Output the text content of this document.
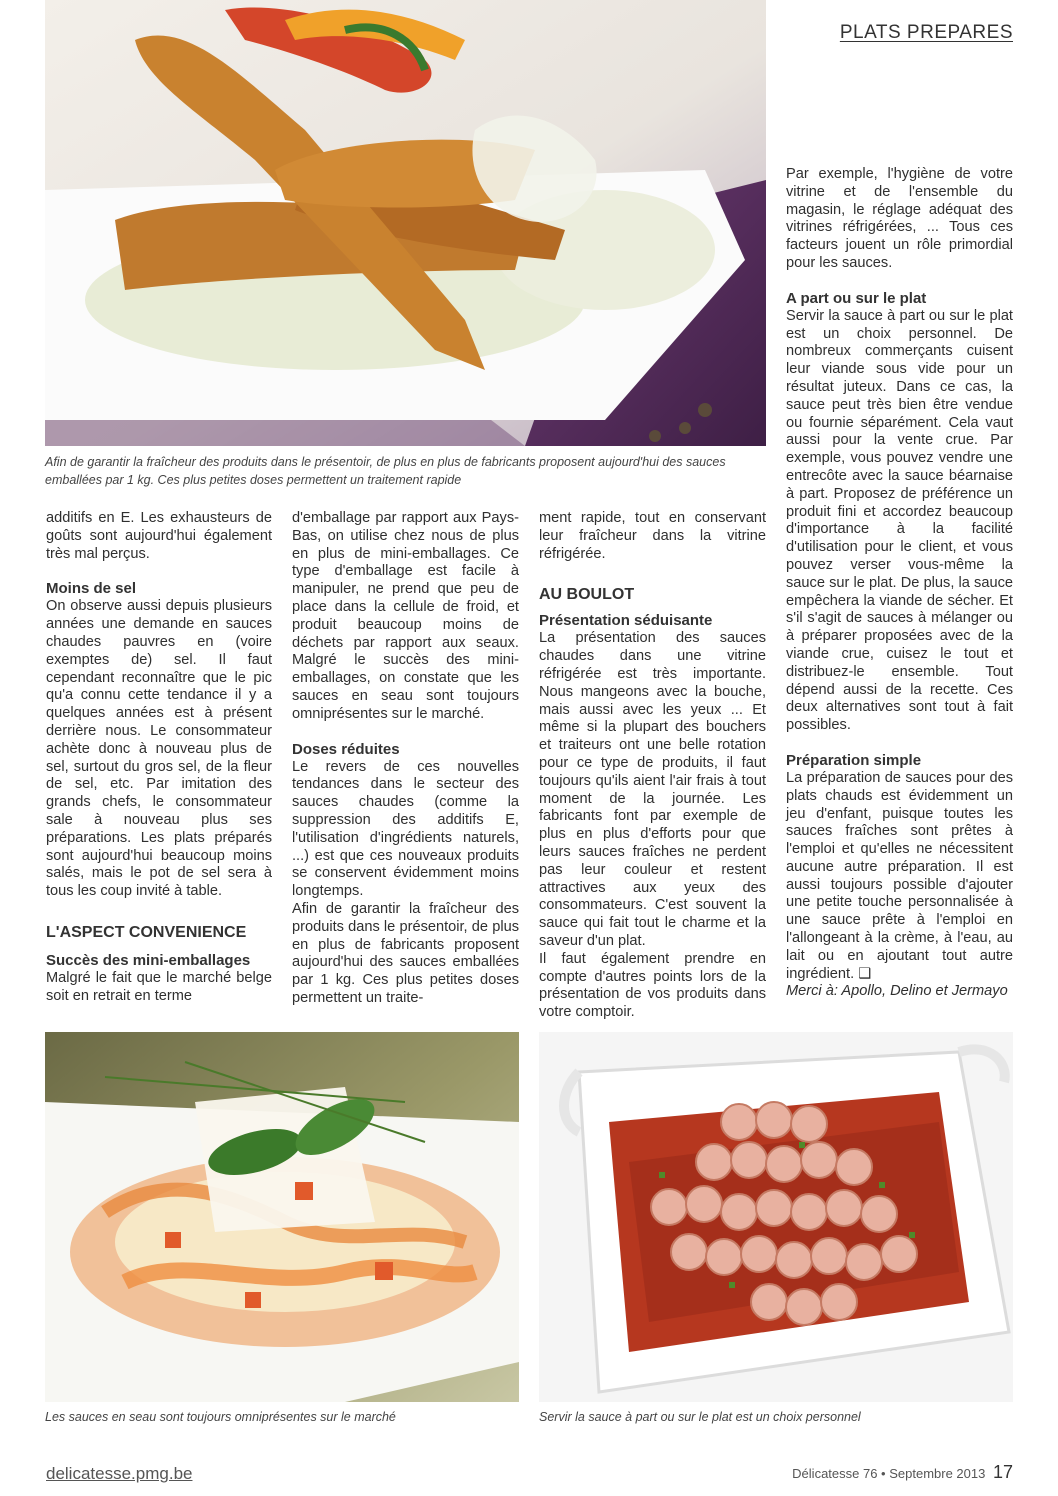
PLATS PREPARES
Afin de garantir la fraîcheur des produits dans le présentoir, de plus en plus de fabricants proposent aujourd'hui des sauces emballées par 1 kg. Ces plus petites doses permettent un traitement rapide

additifs en E. Les exhausteurs de goûts sont aujourd'hui également très mal perçus.

Moins de sel

On observe aussi depuis plusieurs années une demande en sauces chaudes pauvres en (voire exemptes de) sel. Il faut cependant reconnaître que le pic qu'a connu cette tendance il y a quelques années est à présent derrière nous. Le consommateur achète donc à nouveau plus de sel, surtout du gros sel, de la fleur de sel, etc. Par imitation des grands chefs, le consommateur sale à nouveau plus ses préparations. Les plats préparés sont aujourd'hui beaucoup moins salés, mais le pot de sel sera à tous les coup invité à table.

L'ASPECT CONVENIENCE
Succès des mini-emballages

Malgré le fait que le marché belge soit en retrait en terme

d'emballage par rapport aux Pays-Bas, on utilise chez nous de plus en plus de mini-emballages. Ce type d'emballage est facile à manipuler, ne prend que peu de place dans la cellule de froid, et produit beaucoup moins de déchets par rapport aux seaux. Malgré le succès des mini-emballages, on constate que les sauces en seau sont toujours omniprésentes sur le marché.

Doses réduites

Le revers de ces nouvelles tendances dans le secteur des sauces chaudes (comme la suppression des additifs E, l'utilisation d'ingrédients naturels, ...) est que ces nouveaux produits se conservent évidemment moins longtemps.

Afin de garantir la fraîcheur des produits dans le présentoir, de plus en plus de fabricants proposent aujourd'hui des sauces emballées par 1 kg. Ces plus petites doses permettent un traite-

ment rapide, tout en conservant leur fraîcheur dans la vitrine réfrigérée.

AU BOULOT
Présentation séduisante

La présentation des sauces chaudes dans une vitrine réfrigérée est très importante. Nous mangeons avec la bouche, mais aussi avec les yeux ... Et même si la plupart des bouchers et traiteurs ont une belle rotation pour ce type de produits, il faut toujours qu'ils aient l'air frais à tout moment de la journée. Les fabricants font par exemple de plus en plus d'efforts pour que leurs sauces fraîches ne perdent pas leur couleur et restent attractives aux yeux des consommateurs. C'est souvent la sauce qui fait tout le charme et la saveur d'un plat.

Il faut également prendre en compte d'autres points lors de la présentation de vos produits dans votre comptoir.

Par exemple, l'hygiène de votre vitrine et de l'ensemble du magasin, le réglage adéquat des vitrines réfrigérées, ... Tous ces facteurs jouent un rôle primordial pour les sauces.

A part ou sur le plat

Servir la sauce à part ou sur le plat est un choix personnel. De nombreux commerçants cuisent leur viande sous vide pour un résultat juteux. Dans ce cas, la sauce peut très bien être vendue ou fournie séparément. Cela vaut aussi pour la vente crue. Par exemple, vous pouvez vendre une entrecôte avec la sauce béarnaise à part. Proposez de préférence un produit fini et accordez beaucoup d'importance à la facilité d'utilisation pour le client, et vous pouvez verser vous-même la sauce sur le plat. De plus, la sauce empêchera la viande de sécher. Et s'il s'agit de sauces à mélanger ou à préparer proposées avec de la viande crue, cuisez le tout et distribuez-le ensemble. Tout dépend aussi de la recette. Ces deux alternatives sont tout à fait possibles.

Préparation simple

La préparation de sauces pour des plats chauds est évidemment un jeu d'enfant, puisque toutes les sauces fraîches sont prêtes à l'emploi et qu'elles ne nécessitent aucune autre préparation. Il est aussi toujours possible d'ajouter une petite touche personnalisée à une sauce prête à l'emploi en l'allongeant à la crème, à l'eau, au lait ou en ajoutant tout autre ingrédient. ❑

Merci à: Apollo, Delino et Jermayo

Les sauces en seau sont toujours omniprésentes sur le marché	Servir la sauce à part ou sur le plat est un choix personnel
delicatesse.pmg.be	Délicatesse 76 • Septembre 2013 17
